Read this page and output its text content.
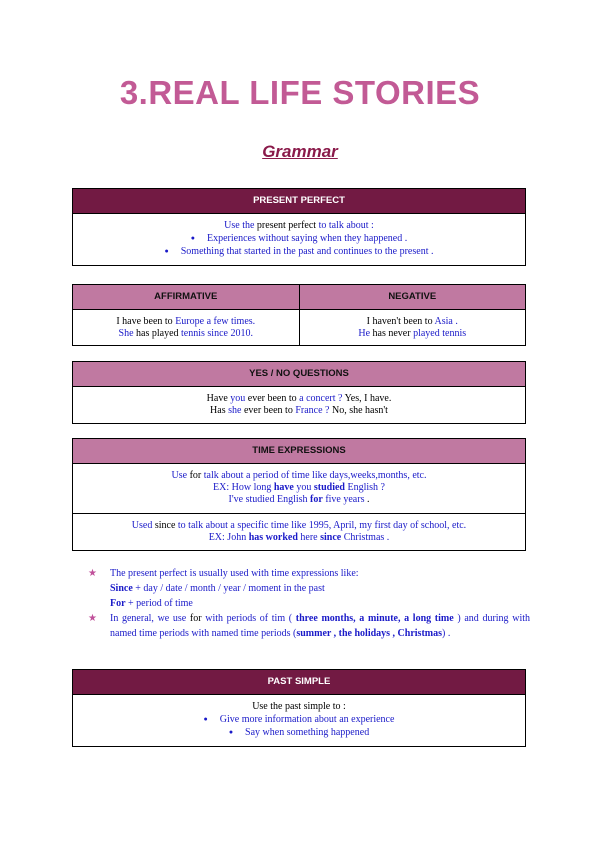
3.REAL LIFE STORIES
Grammar
PRESENT PERFECT
Use the present perfect to talk about :
● Experiences without saying when they happened .
● Something that started in the past and continues to the present .
AFFIRMATIVE	NEGATIVE
I have been to Europe a few times.
She has played tennis since 2010.
I haven't been to Asia .
He has never played tennis
YES / NO QUESTIONS
Have you ever been to a concert ? Yes, I have.
Has she ever been to France ? No, she hasn't
TIME EXPRESSIONS
Use for talk about a period of time like days,weeks,months, etc.
EX: How long have you studied English ?
I've studied English for five years .
Used since to talk about a specific time like 1995, April, my first day of school, etc.
EX: John has worked here since Christmas .
★ The present perfect is usually used with time expressions like:
Since + day / date / month / year / moment in the past
For + period of time
★ In general, we use for with periods of tim ( three months, a minute, a long time ) and during with named time periods with named time periods (summer , the holidays , Christmas) .
PAST SIMPLE
Use the past simple to :
● Give more information about an experience
● Say when something happened
